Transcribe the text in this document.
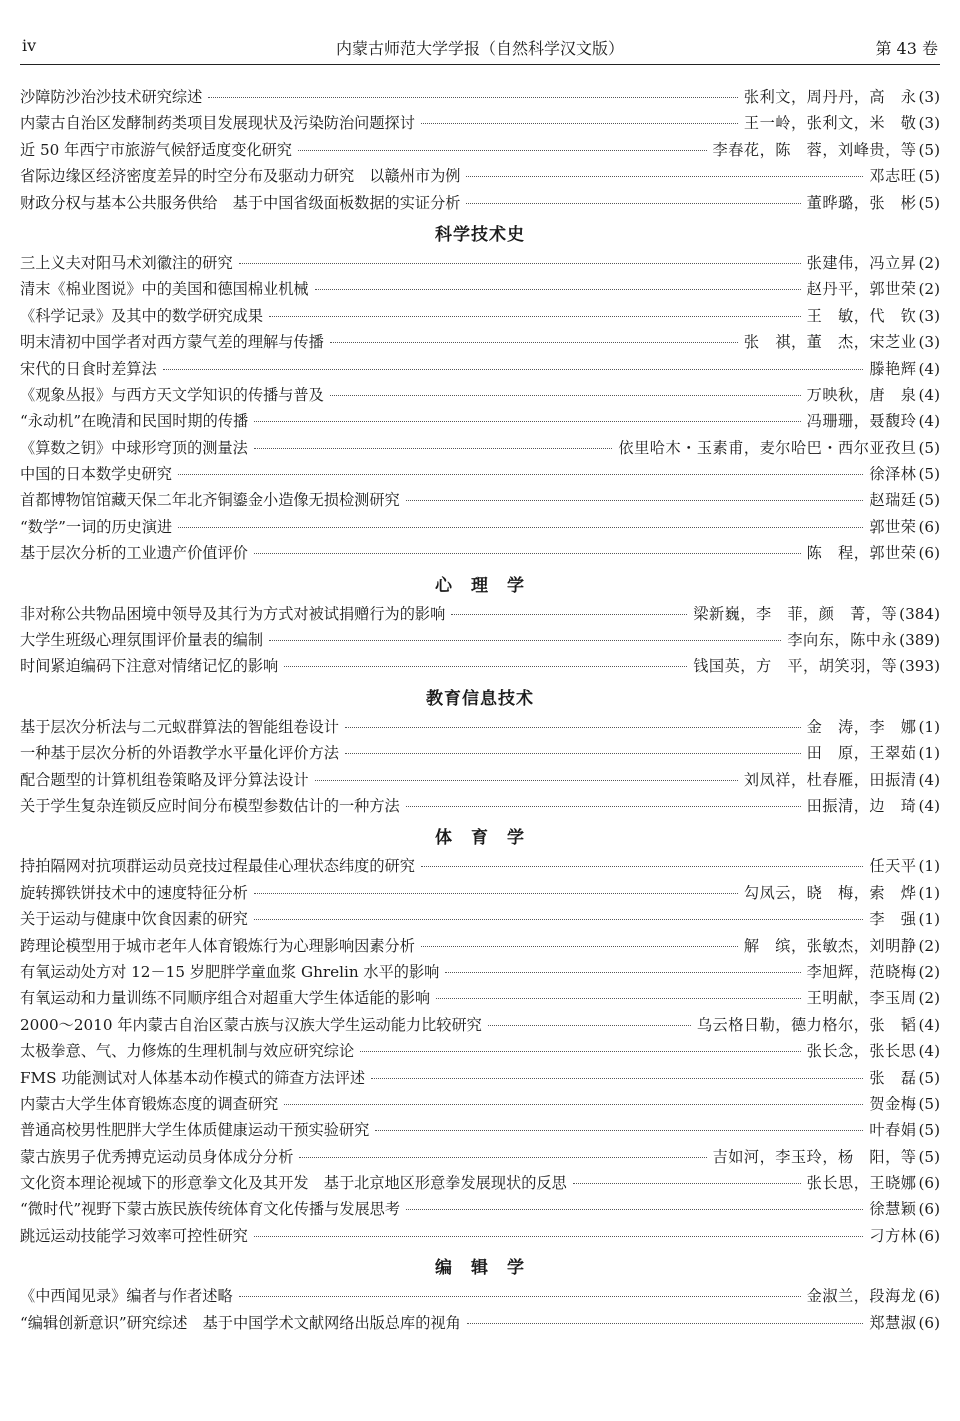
iv	内蒙古师范大学学报（自然科学汉文版）	第 43 卷
沙障防沙治沙技术研究综述	张利文，周丹丹，高　永 (3)
内蒙古自治区发酵制药类项目发展现状及污染防治问题探讨	王一岭，张利文，米　敬 (3)
近 50 年西宁市旅游气候舒适度变化研究	李春花，陈　蓉，刘峰贵，等 (5)
省际边缘区经济密度差异的时空分布及驱动力研究　以赣州市为例	邓志旺 (5)
财政分权与基本公共服务供给　基于中国省级面板数据的实证分析	董晔璐，张　彬 (5)
科学技术史
三上义夫对阳马术刘徽注的研究	张建伟，冯立昇 (2)
清末《棉业图说》中的美国和德国棉业机械	赵丹平，郭世荣 (2)
《科学记录》及其中的数学研究成果	王　敏，代　钦 (3)
明末清初中国学者对西方蒙气差的理解与传播	张　祺，董　杰，宋芝业 (3)
宋代的日食时差算法	滕艳辉 (4)
《观象丛报》与西方天文学知识的传播与普及	万映秋，唐　泉 (4)
“永动机”在晚清和民国时期的传播	冯珊珊，聂馥玲 (4)
《算数之钥》中球形穹顶的测量法	依里哈木・玉素甫，麦尔哈巴・西尔亚孜旦 (5)
中国的日本数学史研究	徐泽林 (5)
首都博物馆馆藏天保二年北齐铜鎏金小造像无损检测研究	赵瑞廷 (5)
“数学”一词的历史演进	郭世荣 (6)
基于层次分析的工业遗产价值评价	陈　程，郭世荣 (6)
心　理　学
非对称公共物品困境中领导及其行为方式对被试捐赠行为的影响	梁新巍，李　菲，颜　菁，等 (384)
大学生班级心理氛围评价量表的编制	李向东，陈中永 (389)
时间紧迫编码下注意对情绪记忆的影响	钱国英，方　平，胡笑羽，等 (393)
教育信息技术
基于层次分析法与二元蚁群算法的智能组卷设计	金　涛，李　娜 (1)
一种基于层次分析的外语教学水平量化评价方法	田　原，王翠茹 (1)
配合题型的计算机组卷策略及评分算法设计	刘凤祥，杜春雁，田振清 (4)
关于学生复杂连锁反应时间分布模型参数估计的一种方法	田振清，边　琦 (4)
体　育　学
持拍隔网对抗项群运动员竞技过程最佳心理状态纬度的研究	任天平 (1)
旋转掷铁饼技术中的速度特征分析	勾凤云，晓　梅，索　烨 (1)
关于运动与健康中饮食因素的研究	李　强 (1)
跨理论模型用于城市老年人体育锻炼行为心理影响因素分析	解　缤，张敏杰，刘明静 (2)
有氧运动处方对 12－15 岁肥胖学童血浆 Ghrelin 水平的影响	李旭辉，范晓梅 (2)
有氧运动和力量训练不同顺序组合对超重大学生体适能的影响	王明献，李玉周 (2)
2000～2010 年内蒙古自治区蒙古族与汉族大学生运动能力比较研究	乌云格日勒，德力格尔，张　韬 (4)
太极拳意、气、力修炼的生理机制与效应研究综论	张长念，张长思 (4)
FMS 功能测试对人体基本动作模式的筛查方法评述	张　磊 (5)
内蒙古大学生体育锻炼态度的调查研究	贺金梅 (5)
普通高校男性肥胖大学生体质健康运动干预实验研究	叶春娟 (5)
蒙古族男子优秀搏克运动员身体成分分析	吉如河，李玉玲，杨　阳，等 (5)
文化资本理论视域下的形意拳文化及其开发　基于北京地区形意拳发展现状的反思	张长思，王晓娜 (6)
“微时代”视野下蒙古族民族传统体育文化传播与发展思考	徐慧颖 (6)
跳远运动技能学习效率可控性研究	刁方林 (6)
编　辑　学
《中西闻见录》编者与作者述略	金淑兰，段海龙 (6)
“编辑创新意识”研究综述　基于中国学术文献网络出版总库的视角	郑慧淑 (6)
